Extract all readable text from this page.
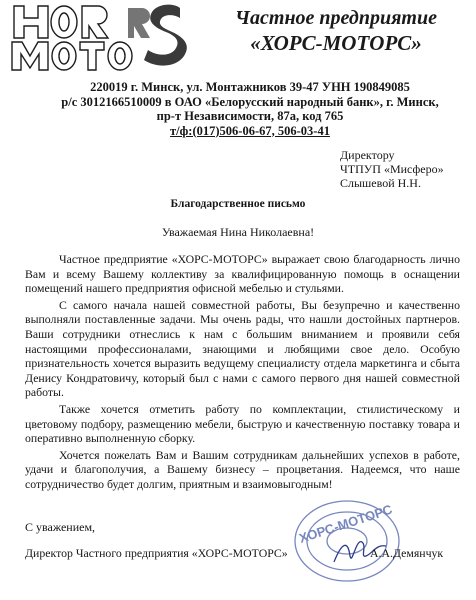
Частное предприятие
«ХОРС-МОТОРС»
220019 г. Минск, ул. Монтажников 39-47 УНН 190849085
р/с 3012166510009 в ОАО «Белорусский народный банк», г. Минск,
пр-т Независимости, 87а, код 765
т/ф:(017)506-06-67, 506-03-41
Директору
ЧТПУП «Мисферо»
Слышевой Н.Н.
Благодарственное письмо
Уважаемая Нина Николаевна!

Частное предприятие «ХОРС-МОТОРС» выражает свою благодарность лично Вам и всему Вашему коллективу за квалифицированную помощь в оснащении помещений нашего предприятия офисной мебелью и стульями.

С самого начала нашей совместной работы, Вы безупречно и качественно выполняли поставленные задачи. Мы очень рады, что нашли достойных партнеров. Ваши сотрудники отнеслись к нам с большим вниманием и проявили себя настоящими профессионалами, знающими и любящими свое дело. Особую признательность хочется выразить ведущему специалисту отдела маркетинга и сбыта Денису Кондратовичу, который был с нами с самого первого дня нашей совместной работы.

Также хочется отметить работу по комплектации, стилистическому и цветовому подбору, размещению мебели, быструю и качественную поставку товара и оперативно выполненную сборку.

Хочется пожелать Вам и Вашим сотрудникам дальнейших успехов в работе, удачи и благополучия, а Вашему бизнесу – процветания. Надеемся, что наше сотрудничество будет долгим, приятным и взаимовыгодным!

ХОРС-МОТОРС
С уважением,
Директор Частного предприятия «ХОРС-МОТОРС»	А.А.Демянчук
